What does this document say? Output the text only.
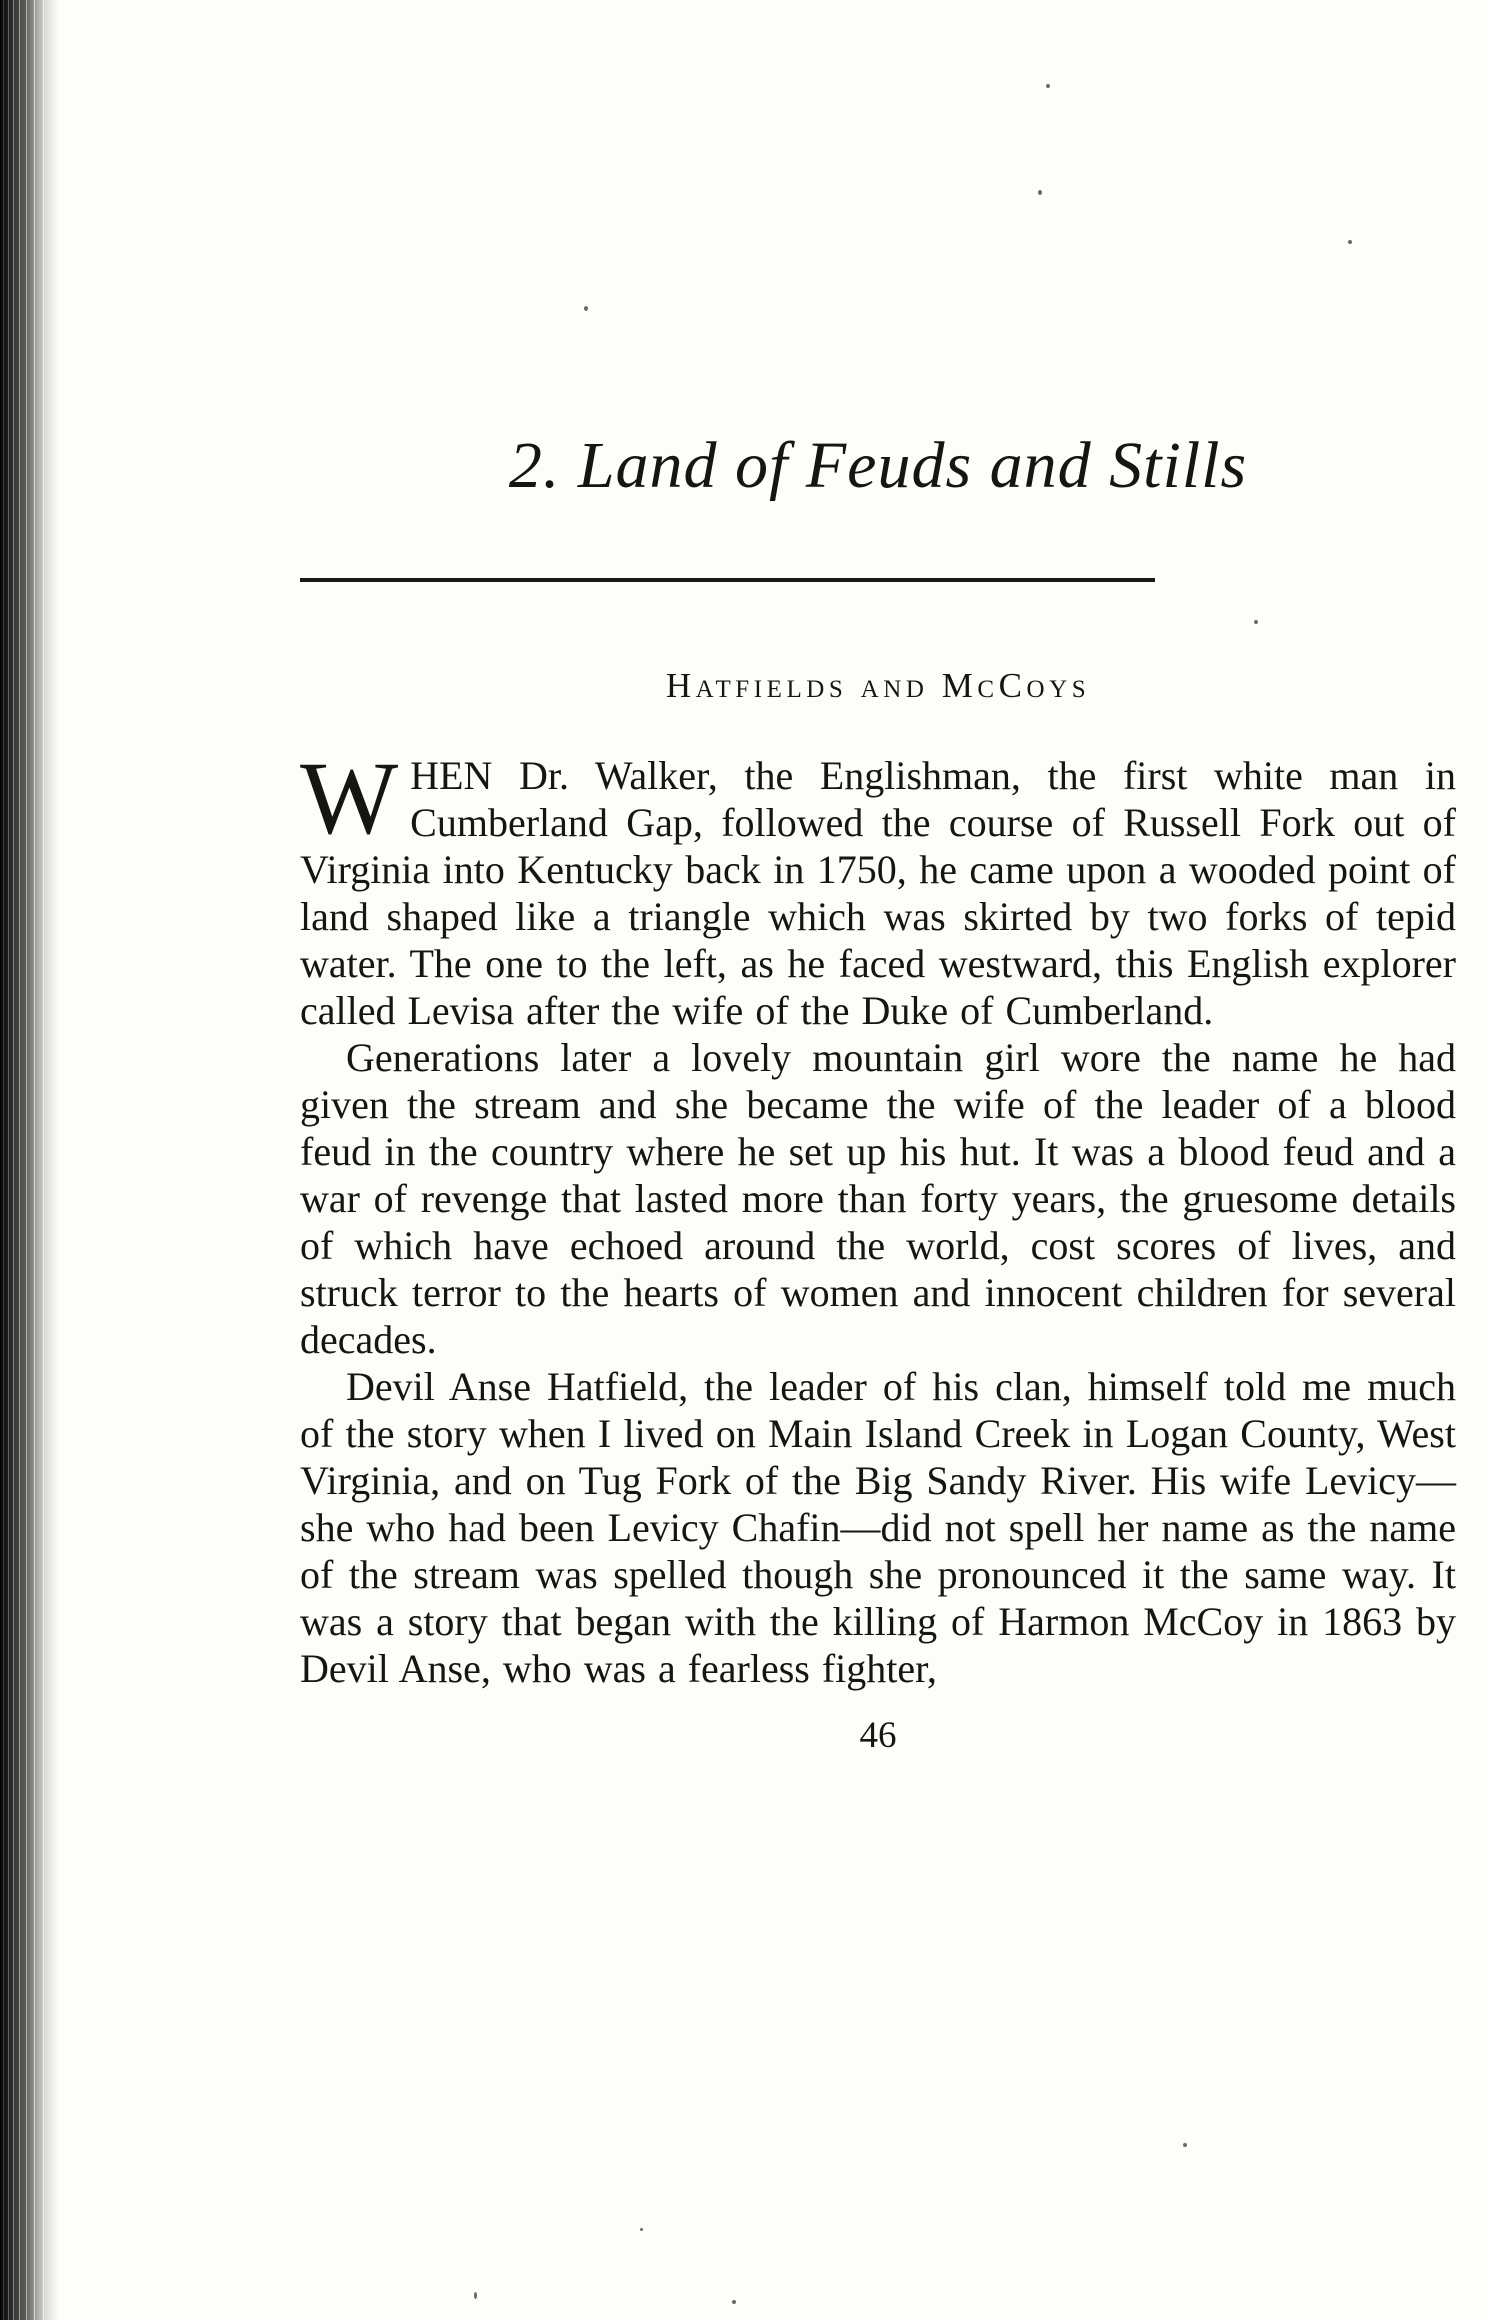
2. Land of Feuds and Stills
Hatfields and McCoys

WHEN Dr. Walker, the Englishman, the first white man in Cumberland Gap, followed the course of Russell Fork out of Virginia into Kentucky back in 1750, he came upon a wooded point of land shaped like a triangle which was skirted by two forks of tepid water. The one to the left, as he faced westward, this English explorer called Levisa after the wife of the Duke of Cumberland.

Generations later a lovely mountain girl wore the name he had given the stream and she became the wife of the leader of a blood feud in the country where he set up his hut. It was a blood feud and a war of revenge that lasted more than forty years, the gruesome details of which have echoed around the world, cost scores of lives, and struck terror to the hearts of women and innocent children for several decades.

Devil Anse Hatfield, the leader of his clan, himself told me much of the story when I lived on Main Island Creek in Logan County, West Virginia, and on Tug Fork of the Big Sandy River. His wife Levicy—she who had been Levicy Chafin—did not spell her name as the name of the stream was spelled though she pronounced it the same way. It was a story that began with the killing of Harmon McCoy in 1863 by Devil Anse, who was a fearless fighter,

46
